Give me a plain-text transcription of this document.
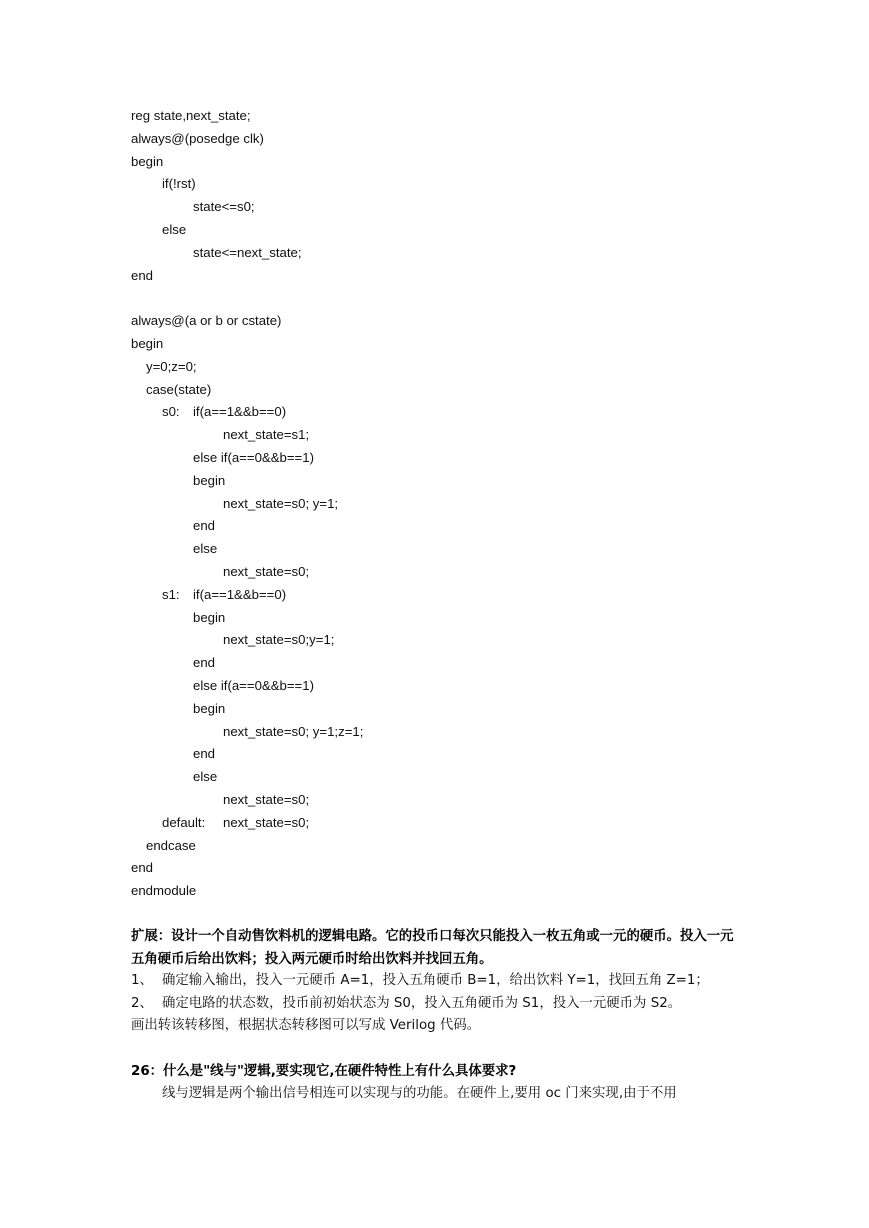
reg state,next_state;
always@(posedge clk)
begin
if(!rst)
state<=s0;
else
state<=next_state;
end
always@(a or b or cstate)
begin
y=0;z=0;
case(state)
s0: if(a==1&&b==0)
next_state=s1;
else if(a==0&&b==1)
begin
next_state=s0; y=1;
end
else
next_state=s0;
s1: if(a==1&&b==0)
begin
next_state=s0;y=1;
end
else if(a==0&&b==1)
begin
next_state=s0; y=1;z=1;
end
else
next_state=s0;
default: next_state=s0;
endcase
end
endmodule
扩展：设计一个自动售饮料机的逻辑电路。它的投币口每次只能投入一枚五角或一元的硬币。投入一元五角硬币后给出饮料；投入两元硬币时给出饮料并找回五角。
1、 确定输入输出，投入一元硬币 A=1，投入五角硬币 B=1，给出饮料 Y=1，找回五角 Z=1；
2、 确定电路的状态数，投币前初始状态为 S0，投入五角硬币为 S1，投入一元硬币为 S2。
画出转该转移图，根据状态转移图可以写成 Verilog 代码。
26：什么是"线与"逻辑,要实现它,在硬件特性上有什么具体要求?
线与逻辑是两个输出信号相连可以实现与的功能。在硬件上,要用 oc 门来实现,由于不用
